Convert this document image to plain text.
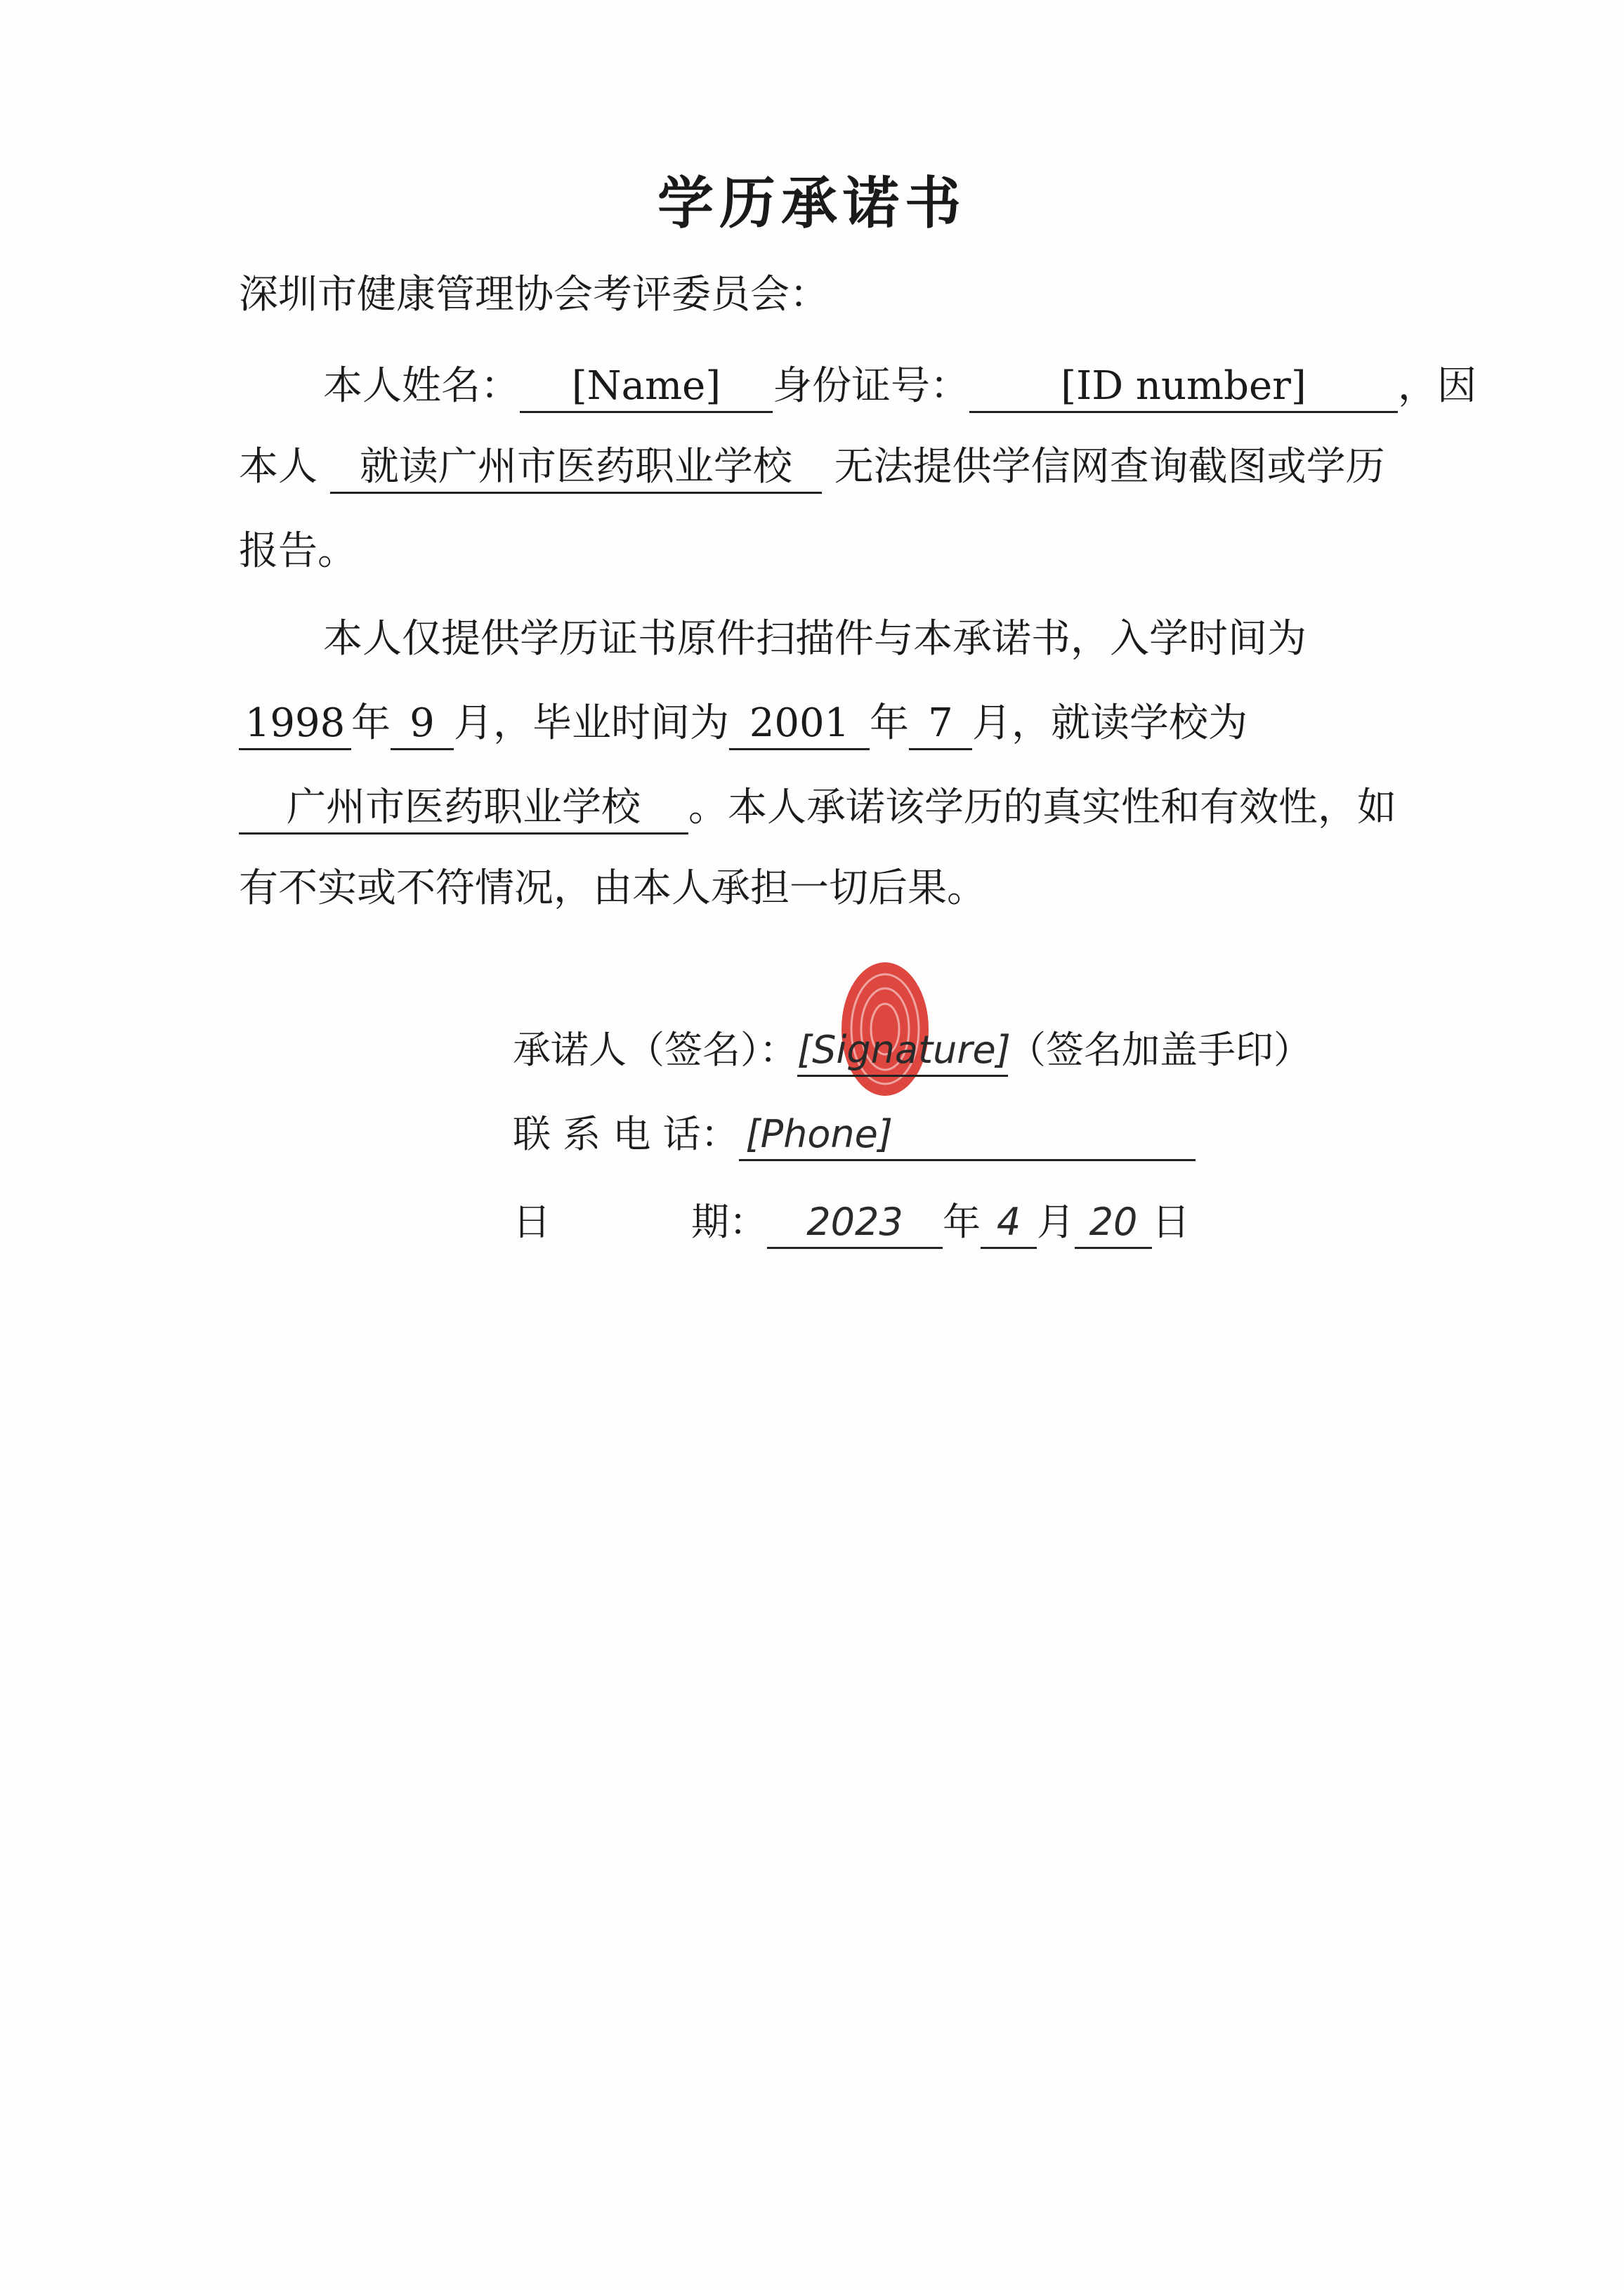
学历承诺书
深圳市健康管理协会考评委员会：
本人姓名： [Name] 身份证号： [ID number] ，因
本人 就读广州市医药职业学校 无法提供学信网查询截图或学历
报告。
本人仅提供学历证书原件扫描件与本承诺书，入学时间为
1998 年 9 月，毕业时间为 2001 年 7 月，就读学校为
广州市医药职业学校 。本人承诺该学历的真实性和有效性，如
有不实或不符情况，由本人承担一切后果。
承诺人（签名）：[Signature]（签名加盖手印）
联 系 电 话： [Phone]
日	期： 2023 年 4 月 20 日
